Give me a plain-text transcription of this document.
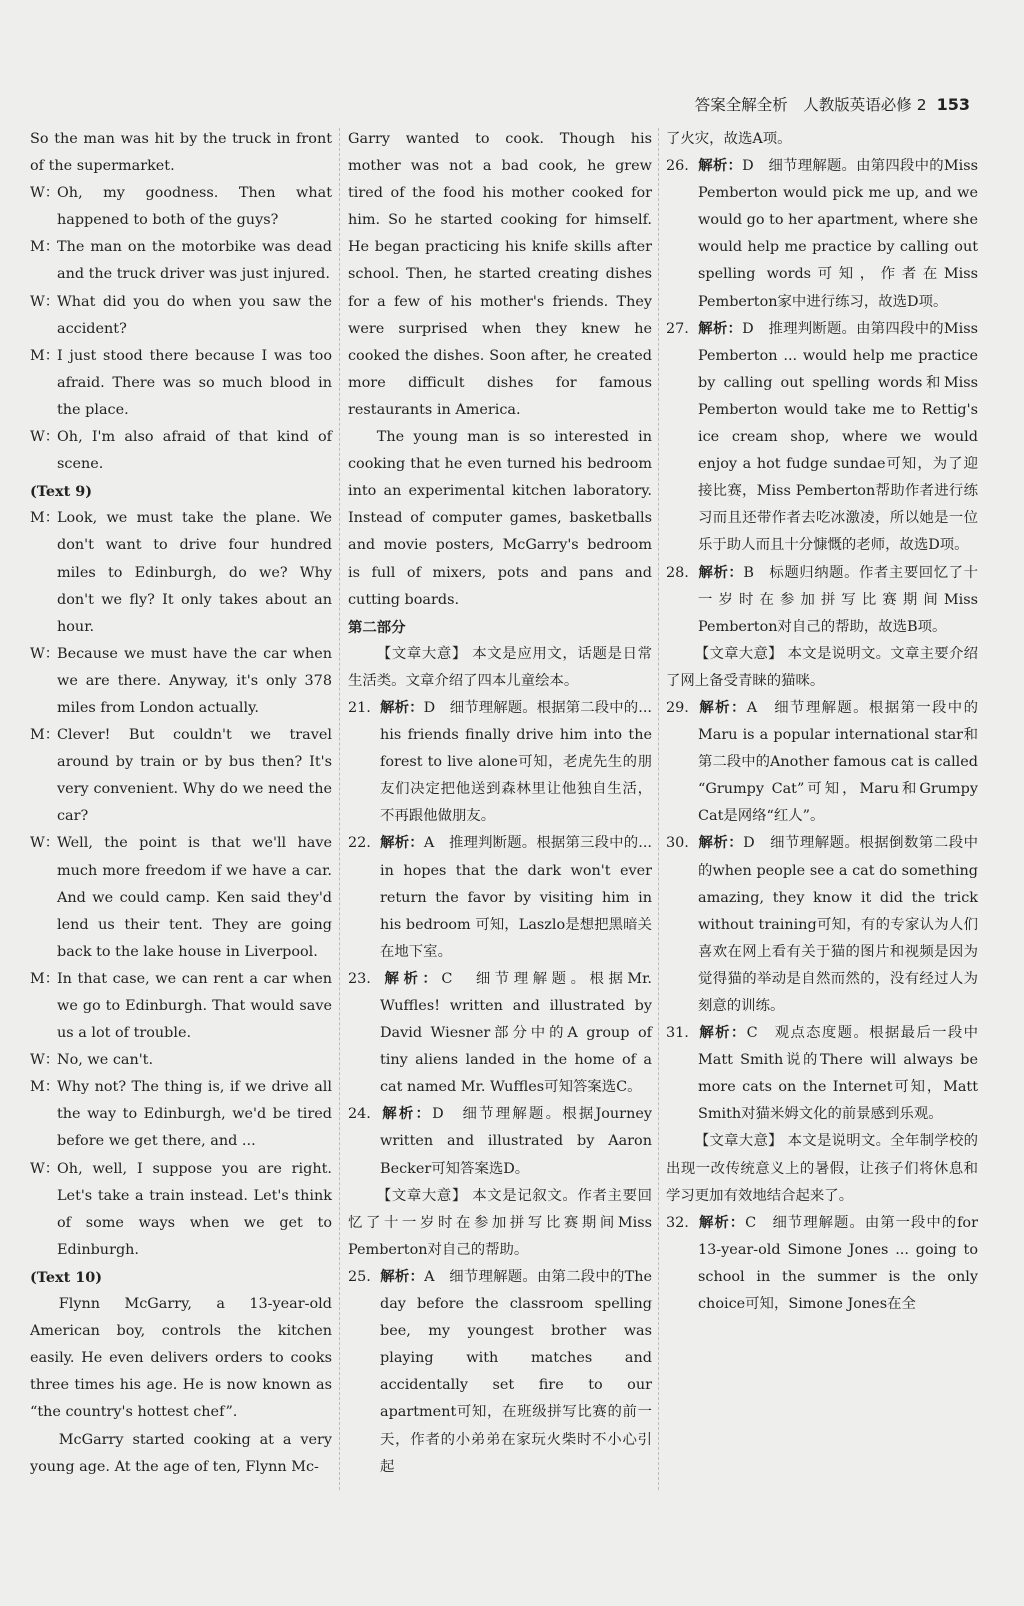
答案全解全析　人教版英语必修 2 153

So the man was hit by the truck in front of the supermarket.

W：Oh, my goodness. Then what happened to both of the guys?

M：The man on the motorbike was dead and the truck driver was just injured.

W：What did you do when you saw the accident?

M：I just stood there because I was too afraid. There was so much blood in the place.

W：Oh, I'm also afraid of that kind of scene.

(Text 9)

M：Look, we must take the plane. We don't want to drive four hundred miles to Edinburgh, do we? Why don't we fly? It only takes about an hour.

W：Because we must have the car when we are there. Anyway, it's only 378 miles from London actually.

M：Clever! But couldn't we travel around by train or by bus then? It's very convenient. Why do we need the car?

W：Well, the point is that we'll have much more freedom if we have a car. And we could camp. Ken said they'd lend us their tent. They are going back to the lake house in Liverpool.

M：In that case, we can rent a car when we go to Edinburgh. That would save us a lot of trouble.

W：No, we can't.

M：Why not? The thing is, if we drive all the way to Edinburgh, we'd be tired before we get there, and ...

W：Oh, well, I suppose you are right. Let's take a train instead. Let's think of some ways when we get to Edinburgh.

(Text 10)

Flynn McGarry, a 13-year-old American boy, controls the kitchen easily. He even delivers orders to cooks three times his age. He is now known as “the country's hottest chef”.

McGarry started cooking at a very young age. At the age of ten, Flynn Mc-

Garry wanted to cook. Though his mother was not a bad cook, he grew tired of the food his mother cooked for him. So he started cooking for himself. He began practicing his knife skills after school. Then, he started creating dishes for a few of his mother's friends. They were surprised when they knew he cooked the dishes. Soon after, he created more difficult dishes for famous restaurants in America.

The young man is so interested in cooking that he even turned his bedroom into an experimental kitchen laboratory. Instead of computer games, basketballs and movie posters, McGarry's bedroom is full of mixers, pots and pans and cutting boards.

第二部分

【文章大意】 本文是应用文，话题是日常生活类。文章介绍了四本儿童绘本。

21. 解析：D　细节理解题。根据第二段中的... his friends finally drive him into the forest to live alone可知，老虎先生的朋友们决定把他送到森林里让他独自生活，不再跟他做朋友。

22. 解析：A　推理判断题。根据第三段中的... in hopes that the dark won't ever return the favor by visiting him in his bedroom 可知，Laszlo是想把黑暗关在地下室。

23. 解析：C　细节理解题。根据Mr. Wuffles! written and illustrated by David Wiesner部分中的A group of tiny aliens landed in the home of a cat named Mr. Wuffles可知答案选C。

24. 解析：D　细节理解题。根据Journey written and illustrated by Aaron Becker可知答案选D。

【文章大意】 本文是记叙文。作者主要回忆了十一岁时在参加拼写比赛期间Miss Pemberton对自己的帮助。

25. 解析：A　细节理解题。由第二段中的The day before the classroom spelling bee, my youngest brother was playing with matches and accidentally set fire to our apartment可知，在班级拼写比赛的前一天，作者的小弟弟在家玩火柴时不小心引起

了火灾，故选A项。

26. 解析：D　细节理解题。由第四段中的Miss Pemberton would pick me up, and we would go to her apartment, where she would help me practice by calling out spelling words可知，作者在Miss Pemberton家中进行练习，故选D项。

27. 解析：D　推理判断题。由第四段中的Miss Pemberton ... would help me practice by calling out spelling words和Miss Pemberton would take me to Rettig's ice cream shop, where we would enjoy a hot fudge sundae可知，为了迎接比赛，Miss Pemberton帮助作者进行练习而且还带作者去吃冰激凌，所以她是一位乐于助人而且十分慷慨的老师，故选D项。

28. 解析：B　标题归纳题。作者主要回忆了十一岁时在参加拼写比赛期间Miss Pemberton对自己的帮助，故选B项。

【文章大意】 本文是说明文。文章主要介绍了网上备受青睐的猫咪。

29. 解析：A　细节理解题。根据第一段中的Maru is a popular international star和第二段中的Another famous cat is called “Grumpy Cat”可知，Maru和Grumpy Cat是网络“红人”。

30. 解析：D　细节理解题。根据倒数第二段中的when people see a cat do something amazing, they know it did the trick without training可知，有的专家认为人们喜欢在网上看有关于猫的图片和视频是因为觉得猫的举动是自然而然的，没有经过人为刻意的训练。

31. 解析：C　观点态度题。根据最后一段中Matt Smith说的There will always be more cats on the Internet可知，Matt Smith对猫米姆文化的前景感到乐观。

【文章大意】 本文是说明文。全年制学校的出现一改传统意义上的暑假，让孩子们将休息和学习更加有效地结合起来了。

32. 解析：C　细节理解题。由第一段中的for 13-year-old Simone Jones ... going to school in the summer is the only choice可知，Simone Jones在全
